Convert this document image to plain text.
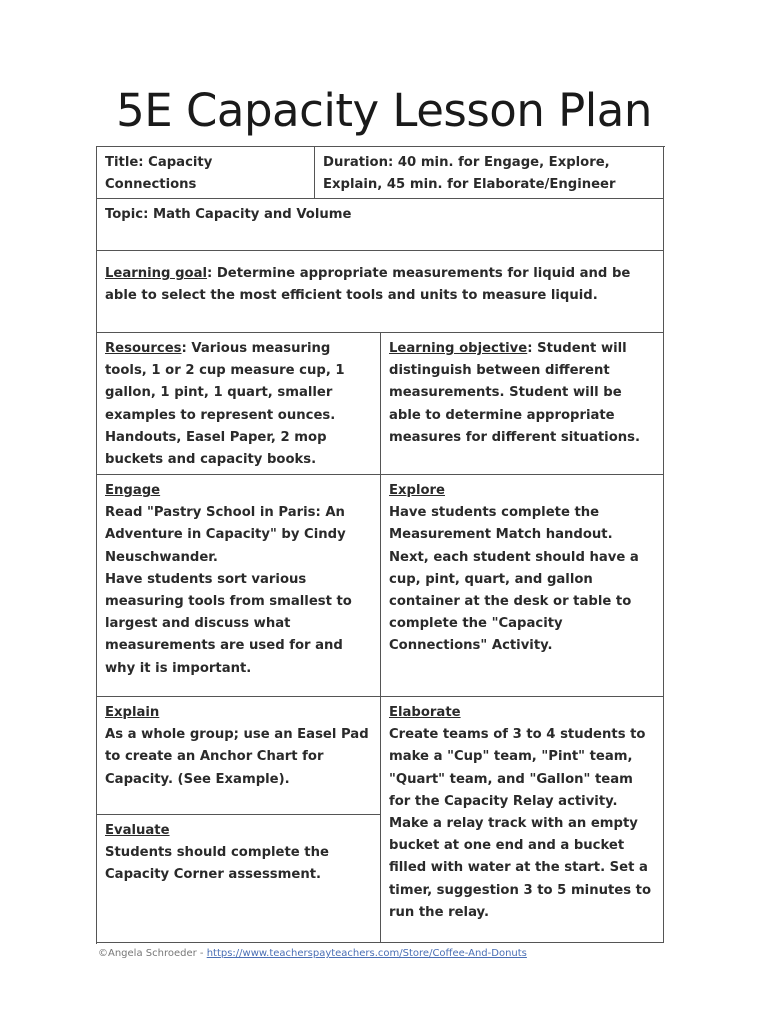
5E Capacity Lesson Plan
Title: Capacity Connections
Duration: 40 min. for Engage, Explore, Explain, 45 min. for Elaborate/Engineer
Topic: Math Capacity and Volume
Learning goal: Determine appropriate measurements for liquid and be able to select the most efficient tools and units to measure liquid.
Resources: Various measuring tools, 1 or 2 cup measure cup, 1 gallon, 1 pint, 1 quart, smaller examples to represent ounces. Handouts, Easel Paper, 2 mop buckets and capacity books.
Learning objective: Student will distinguish between different measurements. Student will be able to determine appropriate measures for different situations.
Engage
Read "Pastry School in Paris: An Adventure in Capacity" by Cindy Neuschwander.
Have students sort various measuring tools from smallest to largest and discuss what measurements are used for and why it is important.
Explore
Have students complete the Measurement Match handout. Next, each student should have a cup, pint, quart, and gallon container at the desk or table to complete the "Capacity Connections" Activity.
Explain
As a whole group; use an Easel Pad to create an Anchor Chart for Capacity. (See Example).
Evaluate
Students should complete the Capacity Corner assessment.
Elaborate
Create teams of 3 to 4 students to make a "Cup" team, "Pint" team, "Quart" team, and "Gallon" team for the Capacity Relay activity. Make a relay track with an empty bucket at one end and a bucket filled with water at the start. Set a timer, suggestion 3 to 5 minutes to run the relay.
©Angela Schroeder - https://www.teacherspayteachers.com/Store/Coffee-And-Donuts
